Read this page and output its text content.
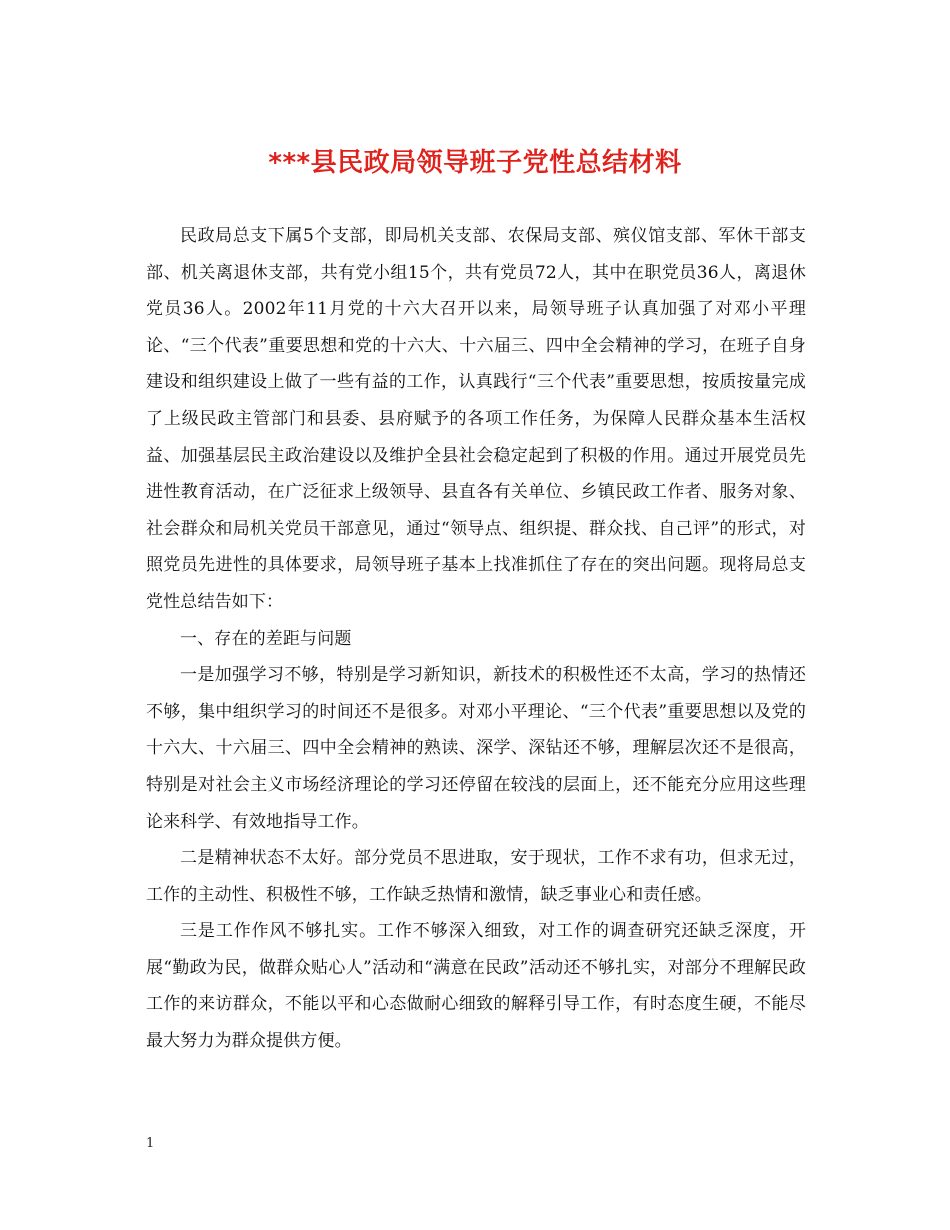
***县民政局领导班子党性总结材料

民政局总支下属5个支部，即局机关支部、农保局支部、殡仪馆支部、军休干部支部、机关离退休支部，共有党小组15个，共有党员72人，其中在职党员36人，离退休党员36人。2002年11月党的十六大召开以来，局领导班子认真加强了对邓小平理论、“三个代表”重要思想和党的十六大、十六届三、四中全会精神的学习，在班子自身建设和组织建设上做了一些有益的工作，认真践行“三个代表”重要思想，按质按量完成了上级民政主管部门和县委、县府赋予的各项工作任务，为保障人民群众基本生活权益、加强基层民主政治建设以及维护全县社会稳定起到了积极的作用。通过开展党员先进性教育活动，在广泛征求上级领导、县直各有关单位、乡镇民政工作者、服务对象、社会群众和局机关党员干部意见，通过“领导点、组织提、群众找、自己评”的形式，对照党员先进性的具体要求，局领导班子基本上找准抓住了存在的突出问题。现将局总支党性总结告如下：

一、存在的差距与问题

一是加强学习不够，特别是学习新知识，新技术的积极性还不太高，学习的热情还不够，集中组织学习的时间还不是很多。对邓小平理论、“三个代表”重要思想以及党的十六大、十六届三、四中全会精神的熟读、深学、深钻还不够，理解层次还不是很高，特别是对社会主义市场经济理论的学习还停留在较浅的层面上，还不能充分应用这些理论来科学、有效地指导工作。

二是精神状态不太好。部分党员不思进取，安于现状，工作不求有功，但求无过，工作的主动性、积极性不够，工作缺乏热情和激情，缺乏事业心和责任感。

三是工作作风不够扎实。工作不够深入细致，对工作的调查研究还缺乏深度，开展“勤政为民，做群众贴心人”活动和“满意在民政”活动还不够扎实，对部分不理解民政工作的来访群众，不能以平和心态做耐心细致的解释引导工作，有时态度生硬，不能尽最大努力为群众提供方便。

1
